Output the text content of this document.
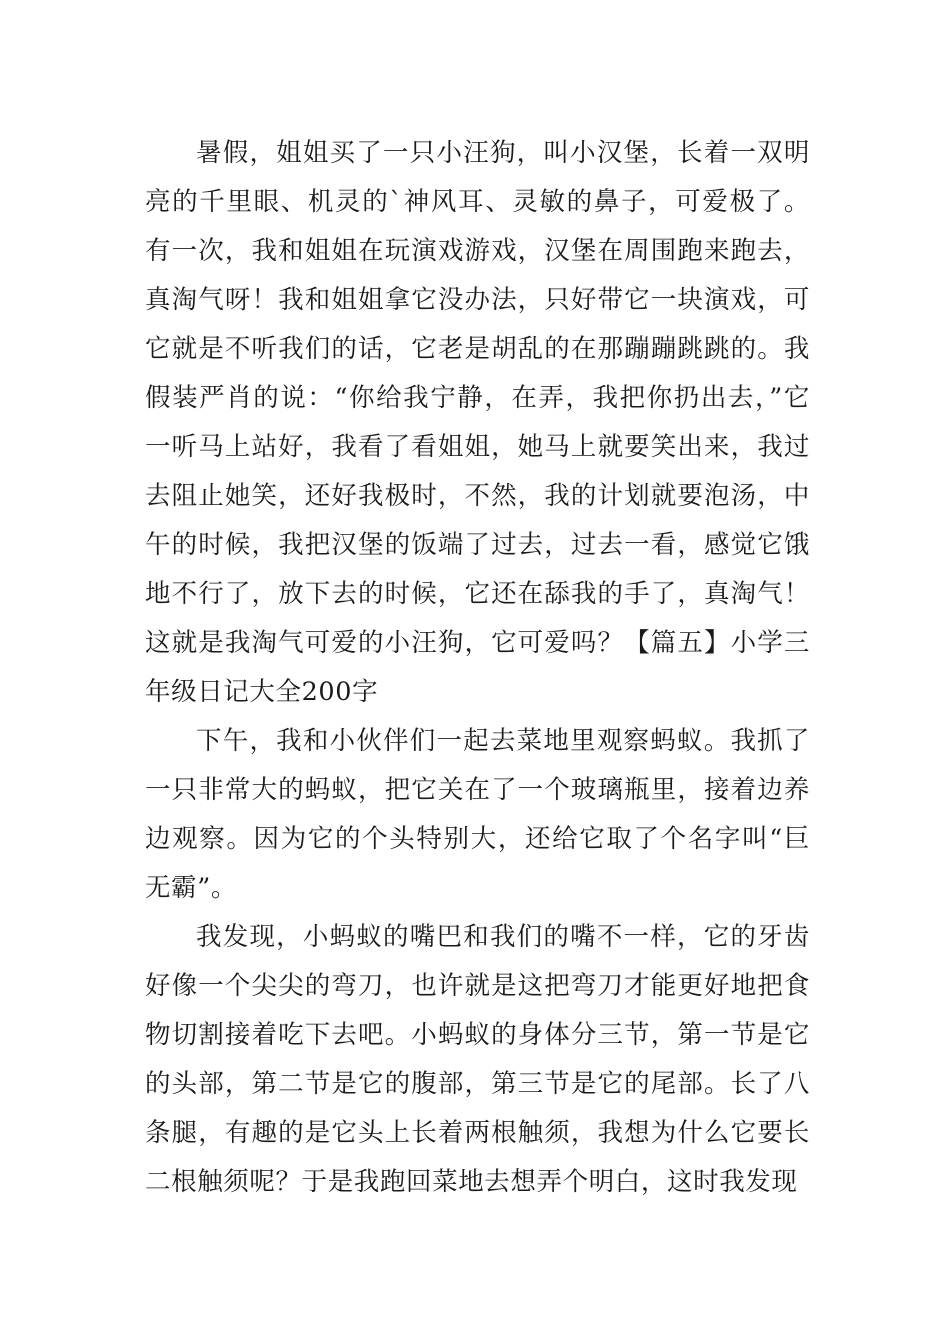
暑假，姐姐买了一只小汪狗，叫小汉堡，长着一双明亮的千里眼、机灵的`神风耳、灵敏的鼻子，可爱极了。有一次，我和姐姐在玩演戏游戏，汉堡在周围跑来跑去，真淘气呀！我和姐姐拿它没办法，只好带它一块演戏，可它就是不听我们的话，它老是胡乱的在那蹦蹦跳跳的。我假装严肖的说：“你给我宁静，在弄，我把你扔出去，”它一听马上站好，我看了看姐姐，她马上就要笑出来，我过去阻止她笑，还好我极时，不然，我的计划就要泡汤，中午的时候，我把汉堡的饭端了过去，过去一看，感觉它饿地不行了，放下去的时候，它还在舔我的手了，真淘气！这就是我淘气可爱的小汪狗，它可爱吗？【篇五】小学三年级日记大全200字

下午，我和小伙伴们一起去菜地里观察蚂蚁。我抓了一只非常大的蚂蚁，把它关在了一个玻璃瓶里，接着边养边观察。因为它的个头特别大，还给它取了个名字叫“巨无霸”。

我发现，小蚂蚁的嘴巴和我们的嘴不一样，它的牙齿好像一个尖尖的弯刀，也许就是这把弯刀才能更好地把食物切割接着吃下去吧。小蚂蚁的身体分三节，第一节是它的头部，第二节是它的腹部，第三节是它的尾部。长了八条腿，有趣的是它头上长着两根触须，我想为什么它要长二根触须呢？于是我跑回菜地去想弄个明白，这时我发现
